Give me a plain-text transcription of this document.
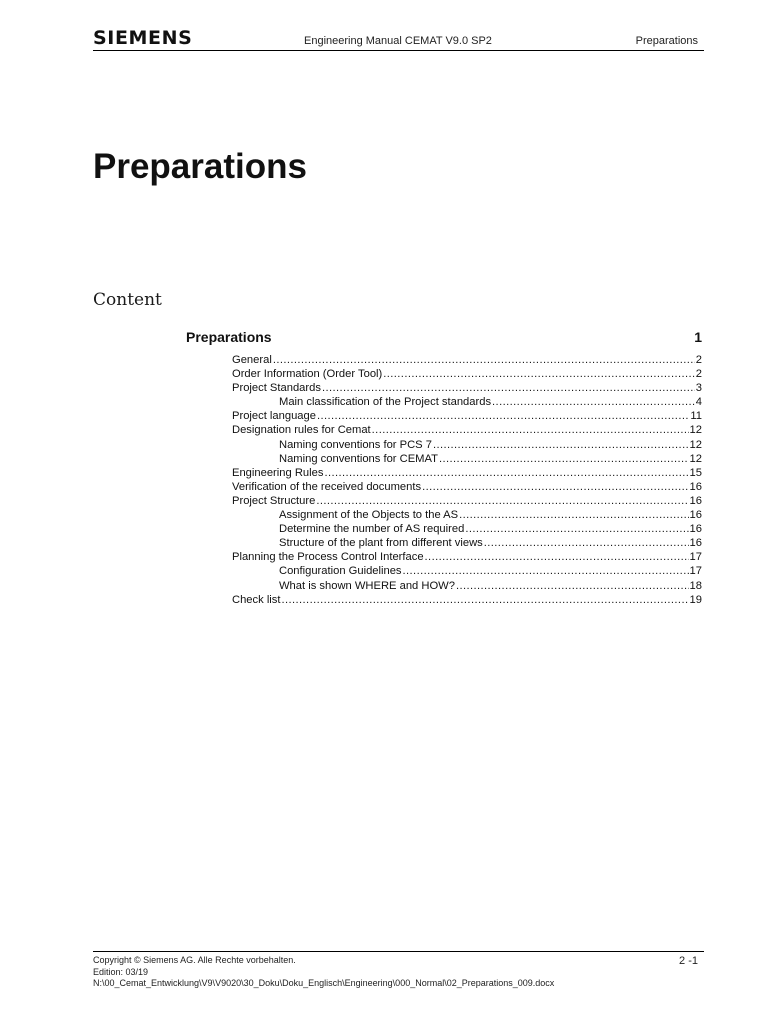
SIEMENS	Engineering Manual CEMAT V9.0 SP2	Preparations
Preparations
Content
Preparations	1
General .....	2
Order Information (Order Tool) .....	2
Project Standards .....	3
Main classification of the Project standards .....	4
Project language .....	11
Designation rules for Cemat .....	12
Naming conventions for PCS 7 .....	12
Naming conventions for CEMAT .....	12
Engineering Rules .....	15
Verification of the received documents .....	16
Project Structure .....	16
Assignment of the Objects to the AS .....	16
Determine the number of AS required .....	16
Structure of the plant from different views .....	16
Planning the Process Control Interface .....	17
Configuration Guidelines .....	17
What is shown WHERE and HOW? .....	18
Check list .....	19
Copyright © Siemens AG. Alle Rechte vorbehalten.
Edition: 03/19
N:\00_Cemat_Entwicklung\V9\V9020\30_Doku\Doku_Englisch\Engineering\000_Normal\02_Preparations_009.docx
2 -1
